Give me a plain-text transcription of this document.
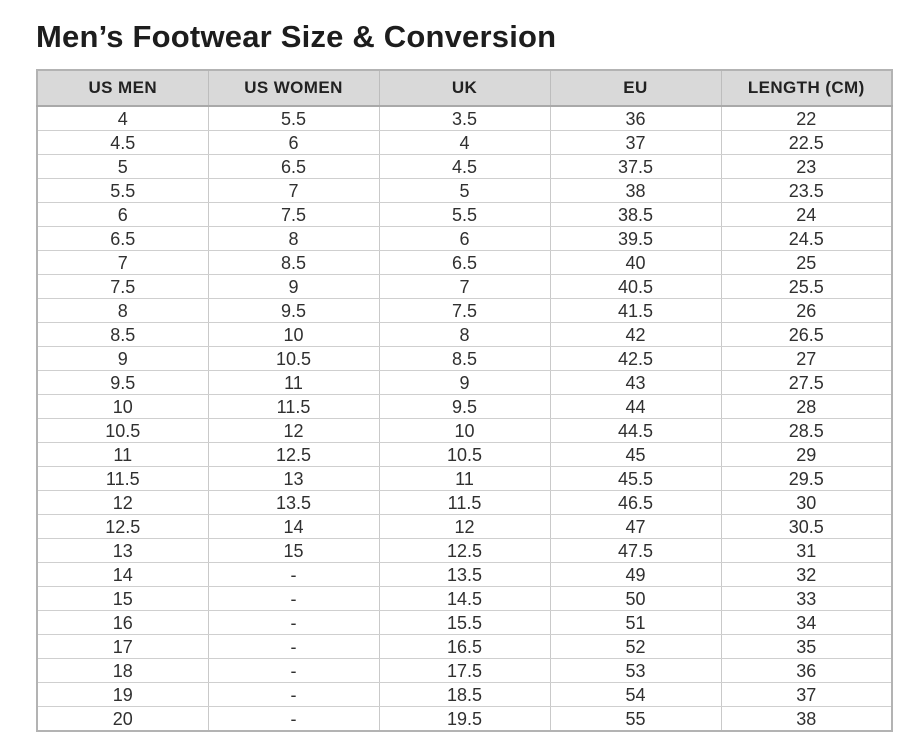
Men’s Footwear Size & Conversion
US MEN	US WOMEN	UK	EU	LENGTH (CM)
4	5.5	3.5	36	22
4.5	6	4	37	22.5
5	6.5	4.5	37.5	23
5.5	7	5	38	23.5
6	7.5	5.5	38.5	24
6.5	8	6	39.5	24.5
7	8.5	6.5	40	25
7.5	9	7	40.5	25.5
8	9.5	7.5	41.5	26
8.5	10	8	42	26.5
9	10.5	8.5	42.5	27
9.5	11	9	43	27.5
10	11.5	9.5	44	28
10.5	12	10	44.5	28.5
11	12.5	10.5	45	29
11.5	13	11	45.5	29.5
12	13.5	11.5	46.5	30
12.5	14	12	47	30.5
13	15	12.5	47.5	31
14	-	13.5	49	32
15	-	14.5	50	33
16	-	15.5	51	34
17	-	16.5	52	35
18	-	17.5	53	36
19	-	18.5	54	37
20	-	19.5	55	38
